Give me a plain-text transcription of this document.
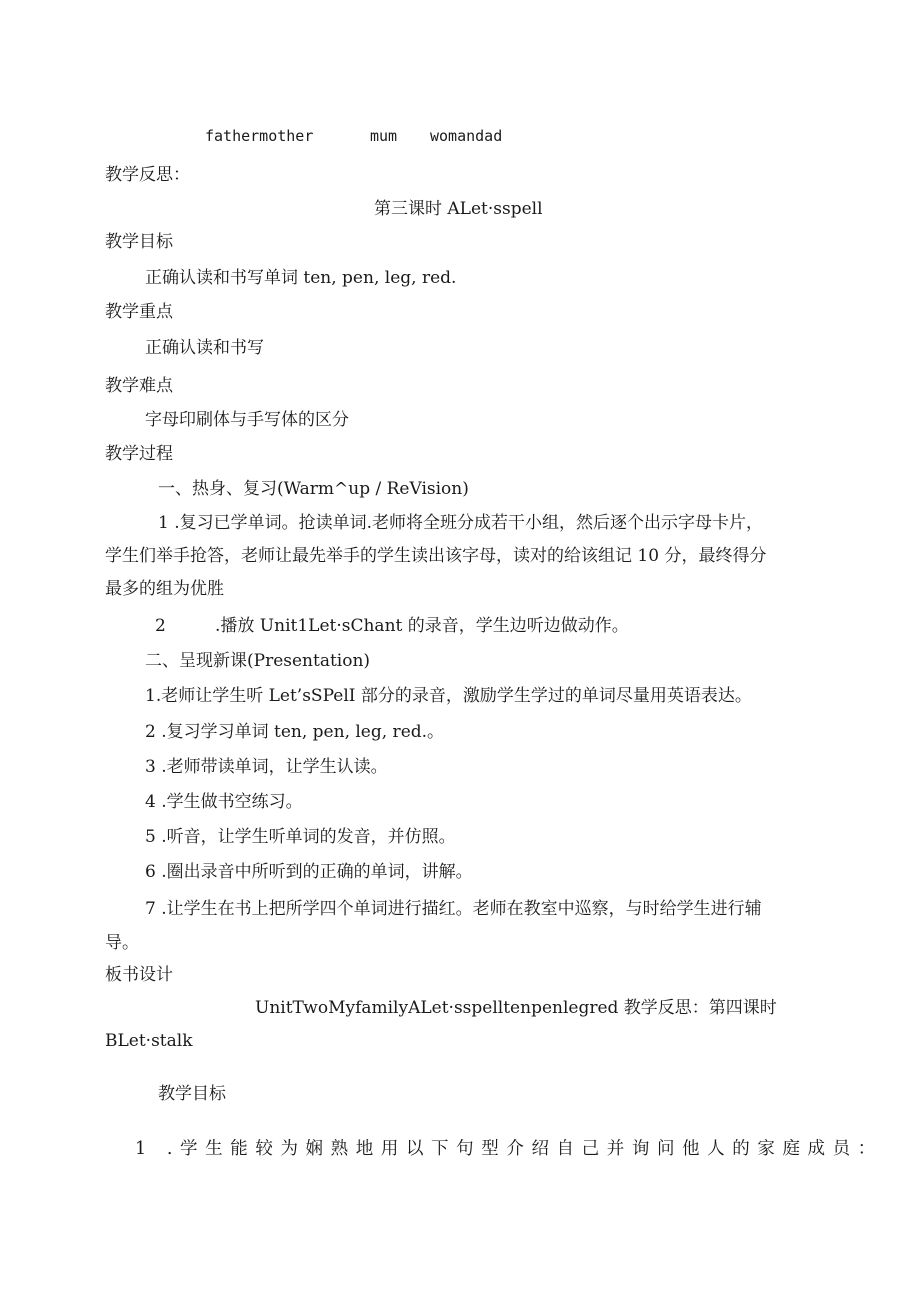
fathermother	mum womandad
教学反思：
第三课时 ALet·sspell
教学目标
正确认读和书写单词 ten, pen, leg, red.
教学重点
正确认读和书写
教学难点
字母印刷体与手写体的区分
教学过程
一、热身、复习(Warm^up / ReVision)
1 .复习已学单词。抢读单词.老师将全班分成若干小组，然后逐个出示字母卡片，
学生们举手抢答，老师让最先举手的学生读出该字母，读对的给该组记 10 分，最终得分
最多的组为优胜
2	.播放 Unit1Let·sChant 的录音，学生边听边做动作。
二、呈现新课(Presentation)
1.老师让学生听 Let’sSPelI 部分的录音，激励学生学过的单词尽量用英语表达。
2 .复习学习单词 ten, pen, leg, red.。
3 .老师带读单词，让学生认读。
4 .学生做书空练习。
5 .听音，让学生听单词的发音，并仿照。
6 .圈出录音中所听到的正确的单词，讲解。
7 .让学生在书上把所学四个单词进行描红。老师在教室中巡察，与时给学生进行辅
导。
板书设计
UnitTwoMyfamilyALet·sspelltenpenlegred 教学反思：第四课时
BLet·stalk
教学目标
1 .学生能较为娴熟地用以下句型介绍自己并询问他人的家庭成员：
